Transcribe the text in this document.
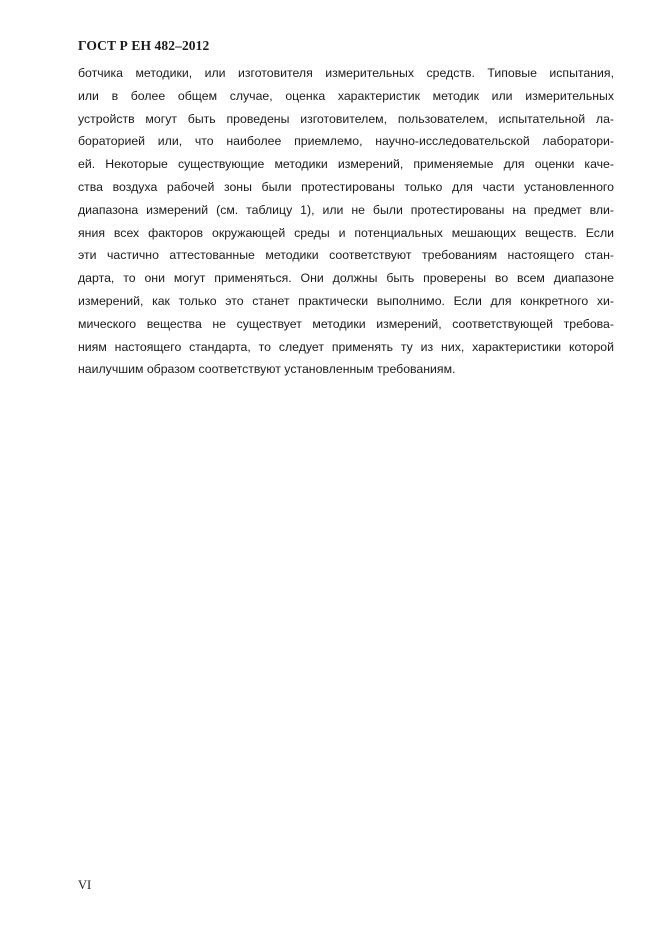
ГОСТ Р ЕН 482–2012
ботчика методики, или изготовителя измерительных средств. Типовые испытания,
или в более общем случае, оценка характеристик методик или измерительных
устройств могут быть проведены изготовителем, пользователем, испытательной ла-
бораторией или, что наиболее приемлемо, научно-исследовательской лаборатори-
ей. Некоторые существующие методики измерений, применяемые для оценки каче-
ства воздуха рабочей зоны были протестированы только для части установленного
диапазона измерений (см. таблицу 1), или не были протестированы на предмет вли-
яния всех факторов окружающей среды и потенциальных мешающих веществ. Если
эти частично аттестованные методики соответствуют требованиям настоящего стан-
дарта, то они могут применяться. Они должны быть проверены во всем диапазоне
измерений, как только это станет практически выполнимо. Если для конкретного хи-
мического вещества не существует методики измерений, соответствующей требова-
ниям настоящего стандарта, то следует применять ту из них, характеристики которой
наилучшим образом соответствуют установленным требованиям.
VI
